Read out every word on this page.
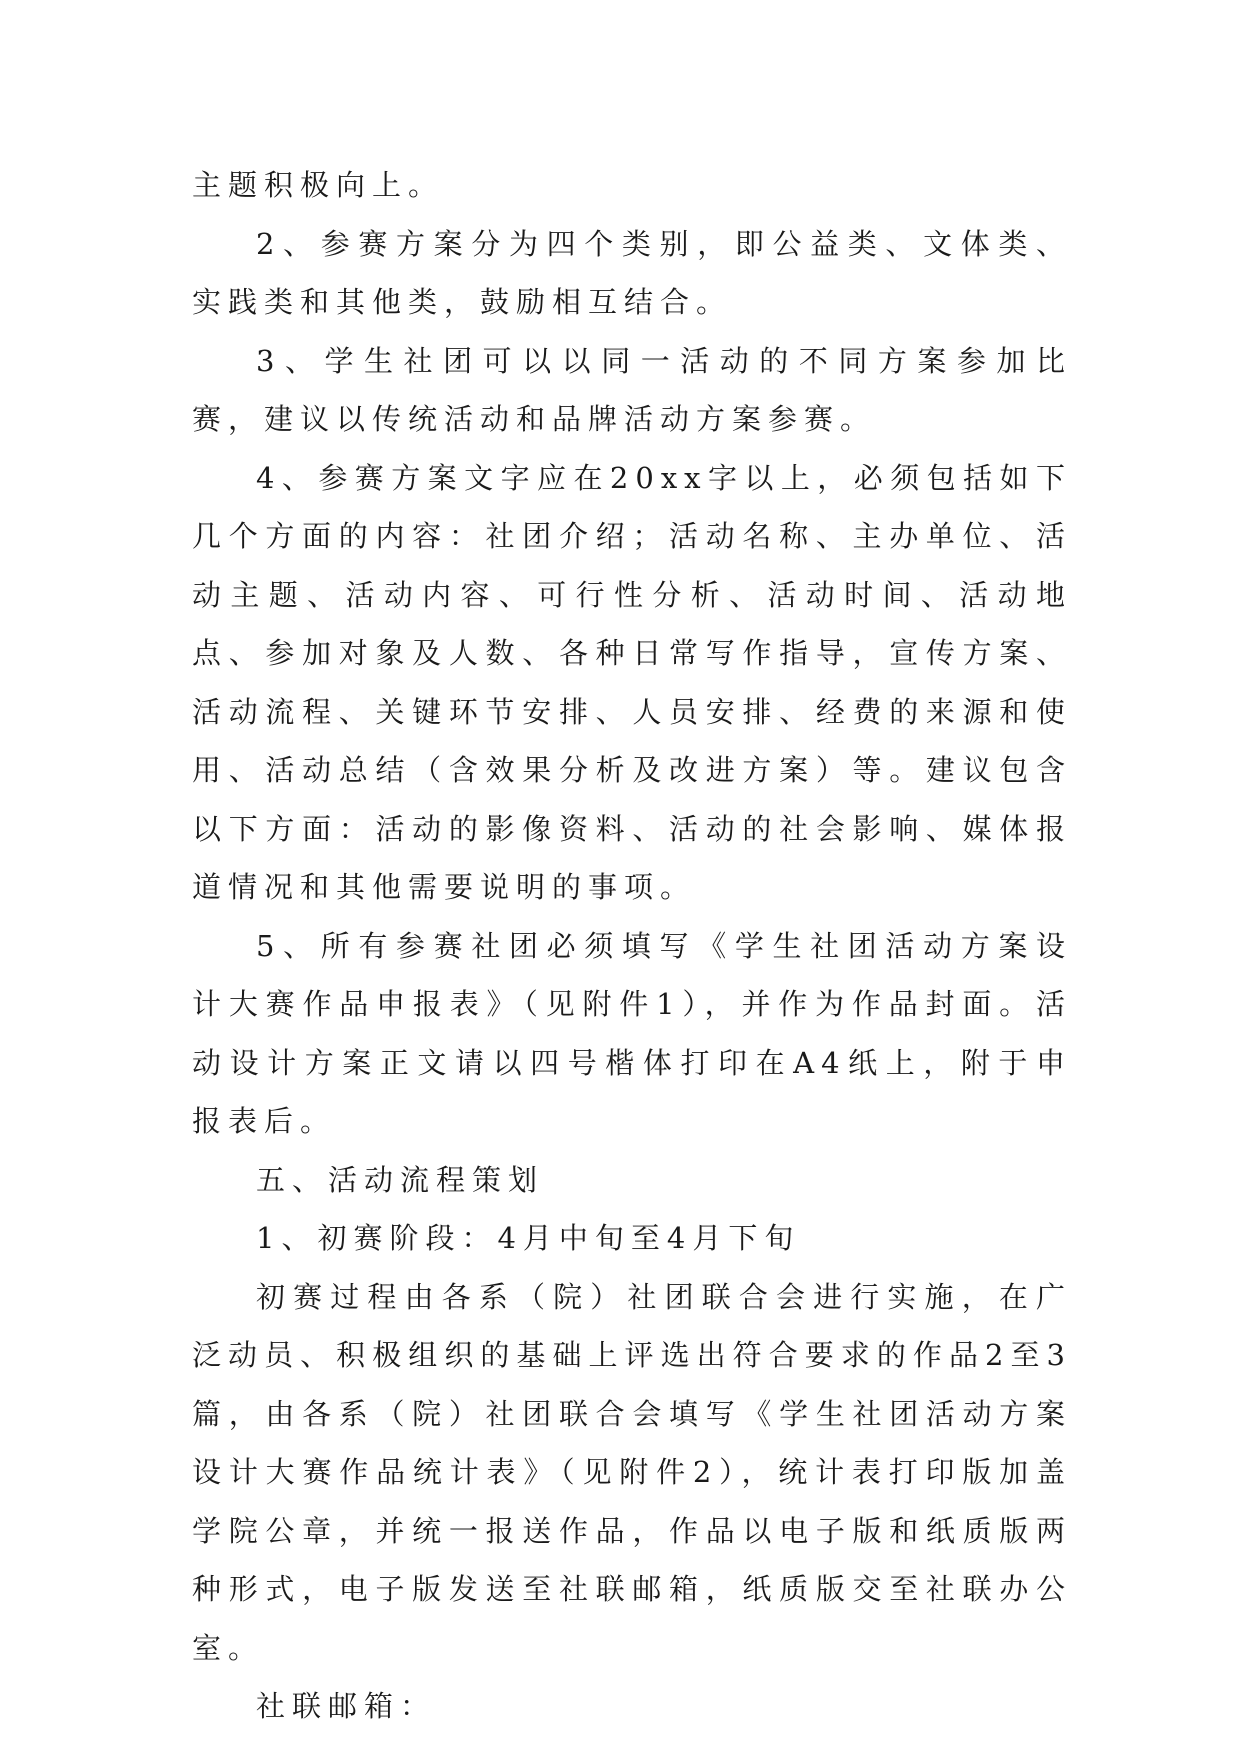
主题积极向上。

2、参赛方案分为四个类别，即公益类、文体类、实践类和其他类，鼓励相互结合。

3、学生社团可以以同一活动的不同方案参加比赛，建议以传统活动和品牌活动方案参赛。

4、参赛方案文字应在20xx字以上，必须包括如下几个方面的内容：社团介绍；活动名称、主办单位、活动主题、活动内容、可行性分析、活动时间、活动地点、参加对象及人数、各种日常写作指导，宣传方案、活动流程、关键环节安排、人员安排、经费的来源和使用、活动总结（含效果分析及改进方案）等。建议包含以下方面：活动的影像资料、活动的社会影响、媒体报道情况和其他需要说明的事项。

5、所有参赛社团必须填写《学生社团活动方案设计大赛作品申报表》（见附件1），并作为作品封面。活动设计方案正文请以四号楷体打印在A4纸上，附于申报表后。

五、活动流程策划

1、初赛阶段：4月中旬至4月下旬

初赛过程由各系（院）社团联合会进行实施，在广泛动员、积极组织的基础上评选出符合要求的作品2至3篇，由各系（院）社团联合会填写《学生社团活动方案设计大赛作品统计表》（见附件2），统计表打印版加盖学院公章，并统一报送作品，作品以电子版和纸质版两种形式，电子版发送至社联邮箱，纸质版交至社联办公室。

社联邮箱：
